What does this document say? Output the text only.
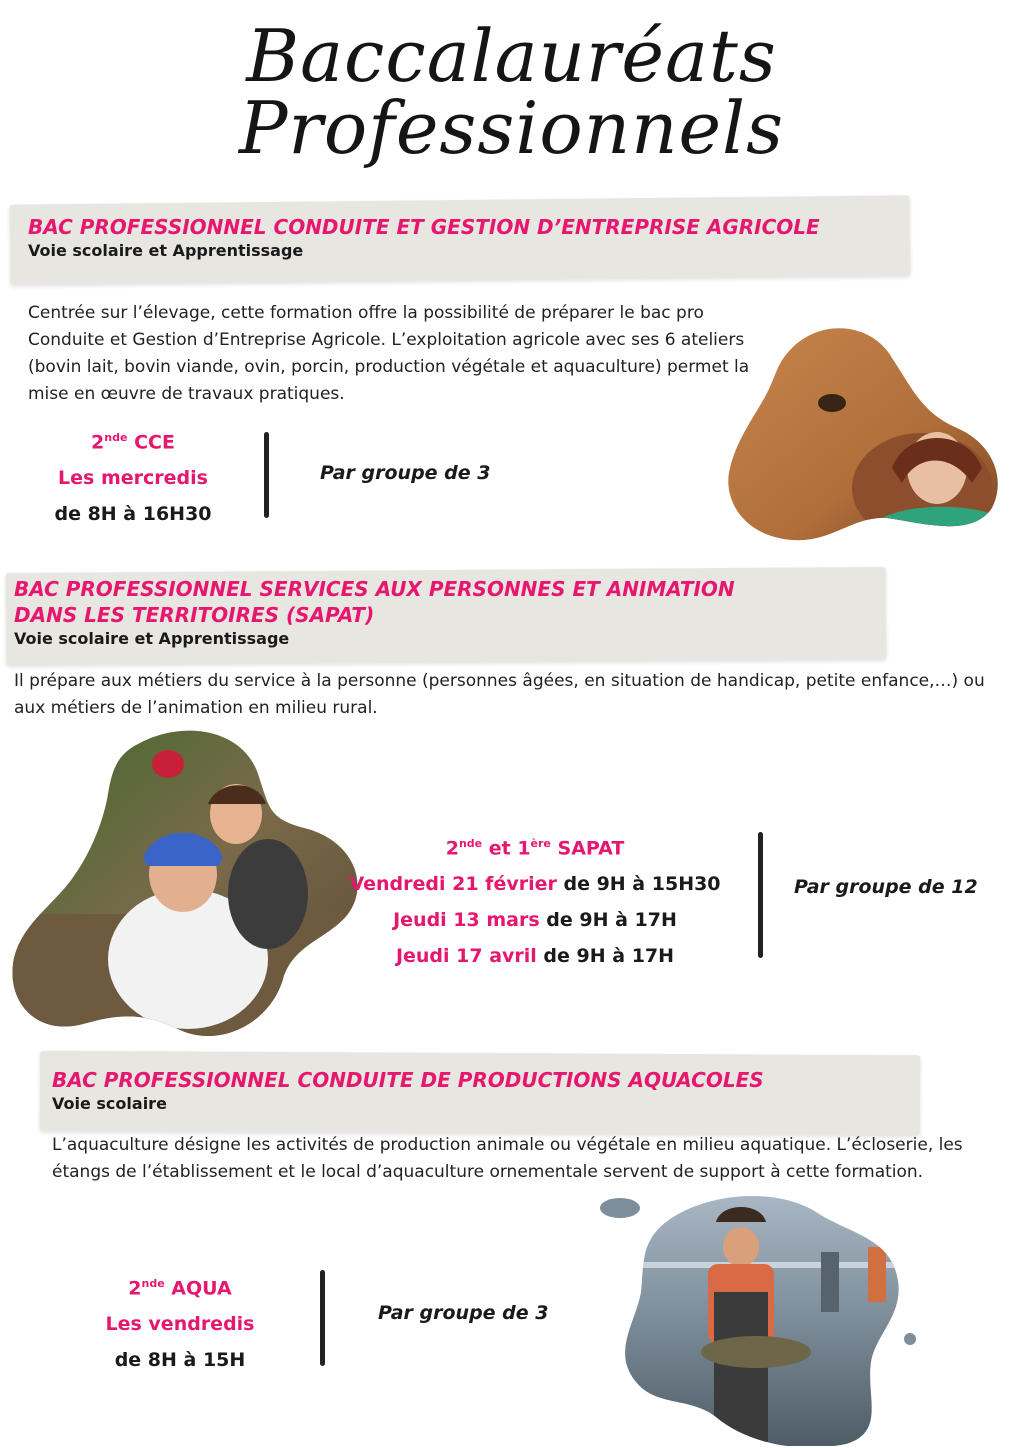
Baccalauréats Professionnels
BAC PROFESSIONNEL CONDUITE ET GESTION D’ENTREPRISE AGRICOLE
Voie scolaire et Apprentissage
Centrée sur l’élevage, cette formation offre la possibilité de préparer le bac pro Conduite et Gestion d’Entreprise Agricole. L’exploitation agricole avec ses 6 ateliers (bovin lait, bovin viande, ovin, porcin, production végétale et aquaculture) permet la mise en œuvre de travaux pratiques.
2nde CCE
Les mercredis
de 8H à 16H30
Par groupe de 3
BAC PROFESSIONNEL SERVICES AUX PERSONNES ET ANIMATION
DANS LES TERRITOIRES (SAPAT)
Voie scolaire et Apprentissage
Il prépare aux métiers du service à la personne (personnes âgées, en situation de handicap, petite enfance,…) ou aux métiers de l’animation en milieu rural.
2nde et 1ère SAPAT
Vendredi 21 février de 9H à 15H30
Jeudi 13 mars de 9H à 17H
Jeudi 17 avril de 9H à 17H
Par groupe de 12
BAC PROFESSIONNEL CONDUITE DE PRODUCTIONS AQUACOLES
Voie scolaire
L’aquaculture désigne les activités de production animale ou végétale en milieu aquatique. L’écloserie, les étangs de l’établissement et le local d’aquaculture ornementale servent de support à cette formation.
2nde AQUA
Les vendredis
de 8H à 15H
Par groupe de 3
